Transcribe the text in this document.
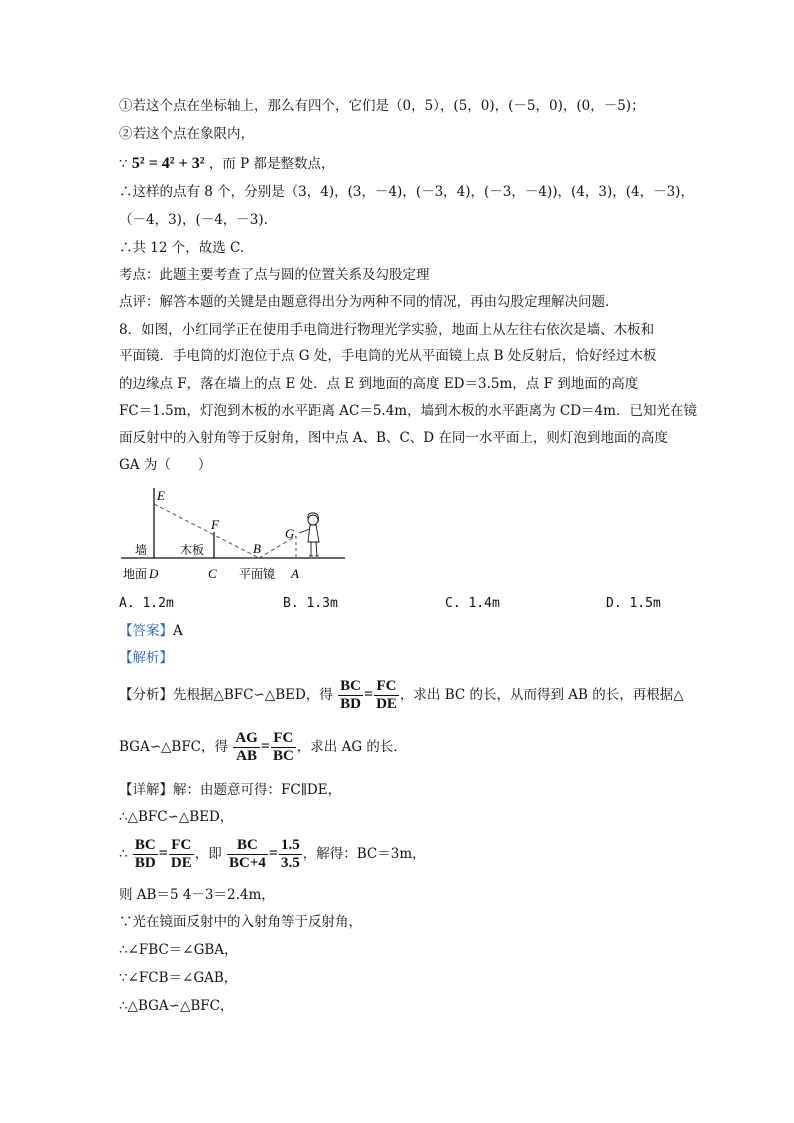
①若这个点在坐标轴上，那么有四个，它们是（0，5），(5，0)，(－5，0)，(0，－5)；
②若这个点在象限内，
∵ 5² = 4² + 3² ，而 P 都是整数点，
∴这样的点有 8 个，分别是（3，4)，(3，－4)，(－3，4)，(－3，－4))，(4，3)，(4，－3)，
（－4，3)，(－4，－3).
∴共 12 个，故选 C.
考点：此题主要考查了点与圆的位置关系及勾股定理
点评：解答本题的关键是由题意得出分为两种不同的情况，再由勾股定理解决问题．
8．如图，小红同学正在使用手电筒进行物理光学实验，地面上从左往右依次是墙、木板和
平面镜．手电筒的灯泡位于点 G 处，手电筒的光从平面镜上点 B 处反射后，恰好经过木板
的边缘点 F，落在墙上的点 E 处．点 E 到地面的高度 ED＝3.5m，点 F 到地面的高度
FC＝1.5m，灯泡到木板的水平距离 AC＝5.4m，墙到木板的水平距离为 CD＝4m．已知光在镜
面反射中的入射角等于反射角，图中点 A、B、C、D 在同一水平面上，则灯泡到地面的高度
GA 为（　　）
E
F
G
B
墙	木板
地面 D	C 平面镜 A
A. 1.2m	B. 1.3m	C. 1.4m	D. 1.5m
【答案】A
【解析】
【分析】先根据△BFC∽△BED，得 $\frac{BC}{BD} = \frac{FC}{DE}$ ，求出 BC 的长，从而得到 AB 的长，再根据△
BGA∽△BFC，得 $\frac{AG}{AB} = \frac{FC}{BC}$ ，求出 AG 的长．
【详解】解：由题意可得：FC∥DE，
∴△BFC∽△BED，
∴ $\frac{BC}{BD} = \frac{FC}{DE}$ ，即 $\frac{BC}{BC+4} = \frac{1.5}{3.5}$ ，解得：BC＝3m，
则 AB＝5 4－3＝2.4m，
∵光在镜面反射中的入射角等于反射角，
∴∠FBC＝∠GBA，
∵∠FCB＝∠GAB，
∴△BGA∽△BFC，
